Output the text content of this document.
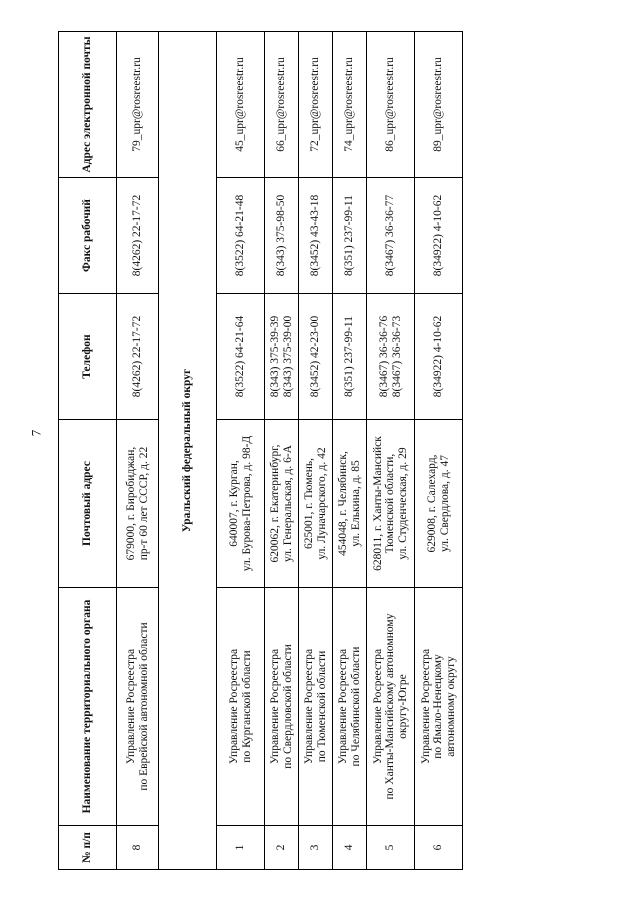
7
№ п/п	Наименование территориального органа	Почтовый адрес	Телефон	Факс рабочий	Адрес электронной почты
8	Управление Росреестра по Еврейской автономной области	679000, г. Биробиджан, пр-т 60 лет СССР, д. 22	8(4262) 22-17-72	8(4262) 22-17-72	79_upr@rosreestr.ru
Уральский федеральный округ					
1	Управление Росреестра по Курганской области	640007, г. Курган, ул. Бурова-Петрова, д. 98-Д	8(3522) 64-21-64	8(3522) 64-21-48	45_upr@rosreestr.ru
2	Управление Росреестра по Свердловской области	620062, г. Екатеринбург, ул. Генеральская, д. 6-А	8(343) 375-39-39 8(343) 375-39-00	8(343) 375-98-50	66_upr@rosreestr.ru
3	Управление Росреестра по Тюменской области	625001, г. Тюмень, ул. Луначарского, д. 42	8(3452) 42-23-00	8(3452) 43-43-18	72_upr@rosreestr.ru
4	Управление Росреестра по Челябинской области	454048, г. Челябинск, ул. Елькина, д. 85	8(351) 237-99-11	8(351) 237-99-11	74_upr@rosreestr.ru
5	Управление Росреестра по Ханты-Мансийскому автономному округу-Югре	628011, г. Ханты-Мансийск Тюменской области, ул. Студенческая, д. 29	8(3467) 36-36-76 8(3467) 36-36-73	8(3467) 36-36-77	86_upr@rosreestr.ru
6	Управление Росреестра по Ямало-Ненецкому автономному округу	629008, г. Салехард, ул. Свердлова, д. 47	8(34922) 4-10-62	8(34922) 4-10-62	89_upr@rosreestr.ru
